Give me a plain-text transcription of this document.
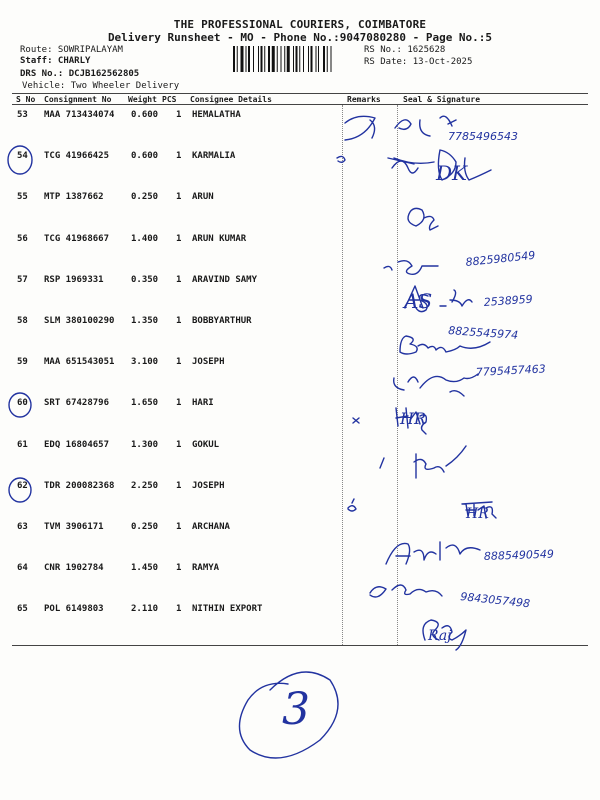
THE PROFESSIONAL COURIERS, COIMBATORE
Delivery Runsheet - MO - Phone No.:9047080280 - Page No.:5
Route: SOWRIPALAYAM
Staff: CHARLY
DRS No.: DCJB162562805
Vehicle: Two Wheeler Delivery
RS No.: 1625628
RS Date: 13-Oct-2025
S No Consignment No Weight PCS Consignee Details	Remarks	Seal & Signature
53 MAA 713434074 0.600 1 HEMALATHA
54 TCG 41966425 0.600 1 KARMALIA
55 MTP 1387662	0.250 1 ARUN
56 TCG 41968667 1.400 1 ARUN KUMAR
57 RSP 1969331	0.350 1 ARAVIND SAMY
58 SLM 380100290 1.350 1 BOBBYARTHUR
59 MAA 651543051 3.100 1 JOSEPH
60 SRT 67428796 1.650 1 HARI
61 EDQ 16804657 1.300 1 GOKUL
62 TDR 200082368 2.250 1 JOSEPH
63 TVM 3906171	0.250 1 ARCHANA
64 CNR 1902784	1.450 1 RAMYA
65 POL 6149803	2.110 1 NITHIN EXPORT
7785496543
8825980549
2538959
8825545974
7795457463
8885490549
9843057498
DK
AS
HR
HR
Raj
3
